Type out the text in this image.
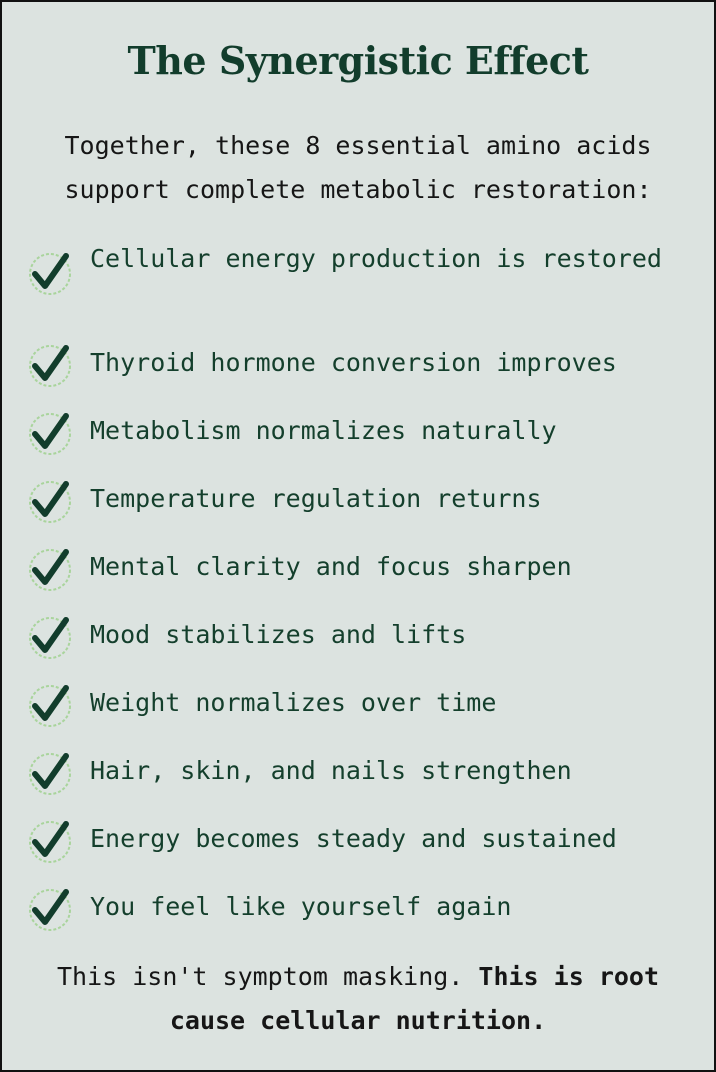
The Synergistic Effect
Together, these 8 essential amino acids support complete metabolic restoration:
Cellular energy production is restored
Thyroid hormone conversion improves
Metabolism normalizes naturally
Temperature regulation returns
Mental clarity and focus sharpen
Mood stabilizes and lifts
Weight normalizes over time
Hair, skin, and nails strengthen
Energy becomes steady and sustained
You feel like yourself again
This isn't symptom masking. This is root cause cellular nutrition.
